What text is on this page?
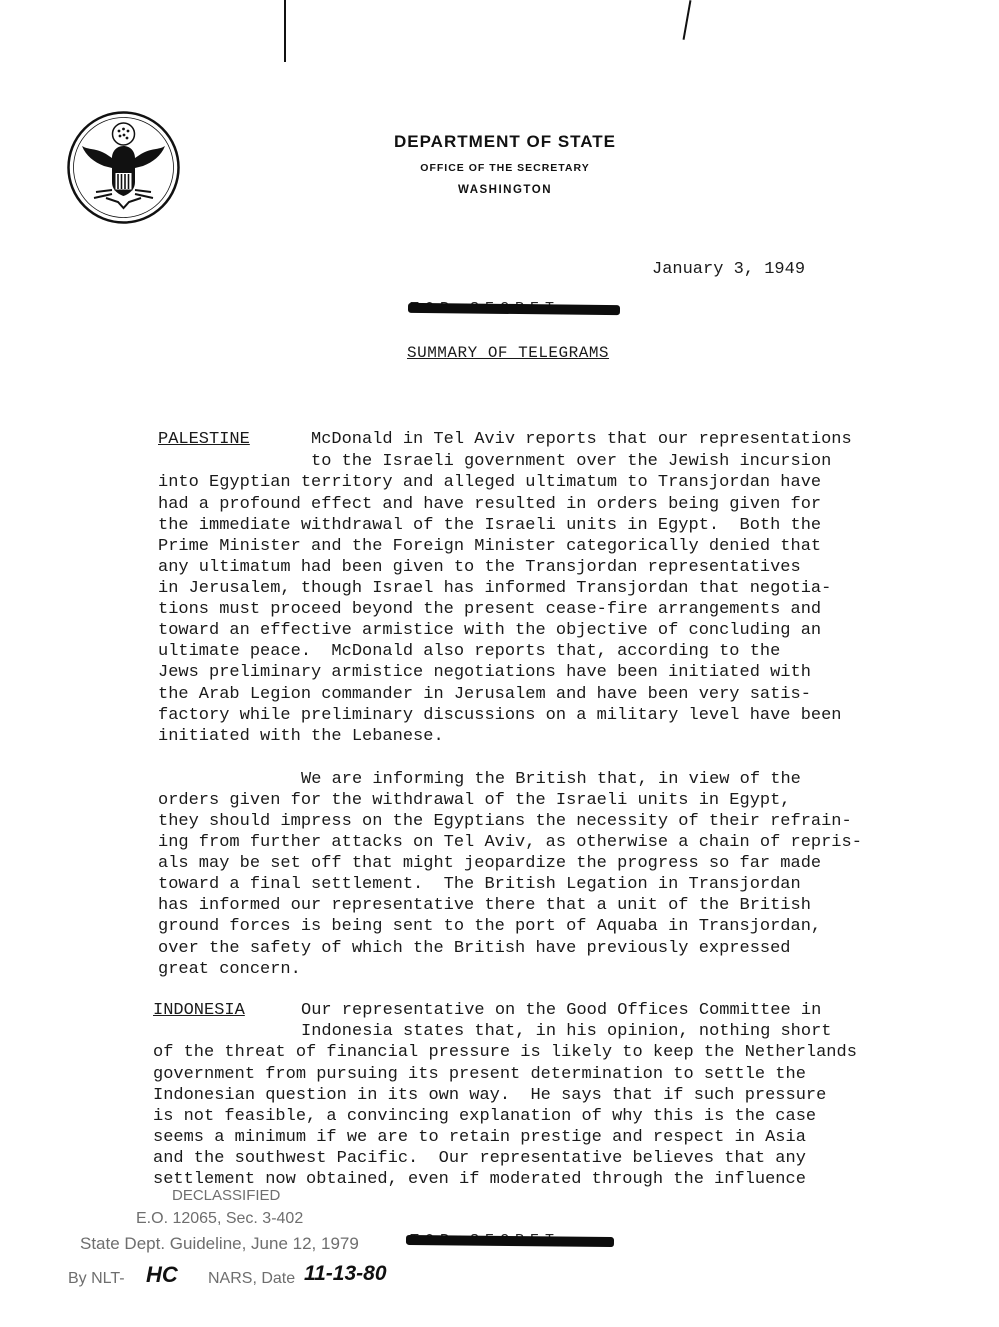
DEPARTMENT OF STATE
OFFICE OF THE SECRETARY
WASHINGTON
January 3, 1949
SUMMARY OF TELEGRAMS
PALESTINE	McDonald in Tel Aviv reports that our representations
to the Israeli government over the Jewish incursion
into Egyptian territory and alleged ultimatum to Transjordan have
had a profound effect and have resulted in orders being given for
the immediate withdrawal of the Israeli units in Egypt.  Both the
Prime Minister and the Foreign Minister categorically denied that
any ultimatum had been given to the Transjordan representatives
in Jerusalem, though Israel has informed Transjordan that negotia-
tions must proceed beyond the present cease-fire arrangements and
toward an effective armistice with the objective of concluding an
ultimate peace.  McDonald also reports that, according to the
Jews preliminary armistice negotiations have been initiated with
the Arab Legion commander in Jerusalem and have been very satis-
factory while preliminary discussions on a military level have been
initiated with the Lebanese.
We are informing the British that, in view of the
orders given for the withdrawal of the Israeli units in Egypt,
they should impress on the Egyptians the necessity of their refrain-
ing from further attacks on Tel Aviv, as otherwise a chain of repris-
als may be set off that might jeopardize the progress so far made
toward a final settlement.  The British Legation in Transjordan
has informed our representative there that a unit of the British
ground forces is being sent to the port of Aquaba in Transjordan,
over the safety of which the British have previously expressed
great concern.
INDONESIA	Our representative on the Good Offices Committee in
Indonesia states that, in his opinion, nothing short
of the threat of financial pressure is likely to keep the Netherlands
government from pursuing its present determination to settle the
Indonesian question in its own way.  He says that if such pressure
is not feasible, a convincing explanation of why this is the case
seems a minimum if we are to retain prestige and respect in Asia
and the southwest Pacific.  Our representative believes that any
settlement now obtained, even if moderated through the influence
DECLASSIFIED
E.O. 12065, Sec. 3-402
State Dept. Guideline, June 12, 1979
By NLT- HC NARS, Date 11-13-80
